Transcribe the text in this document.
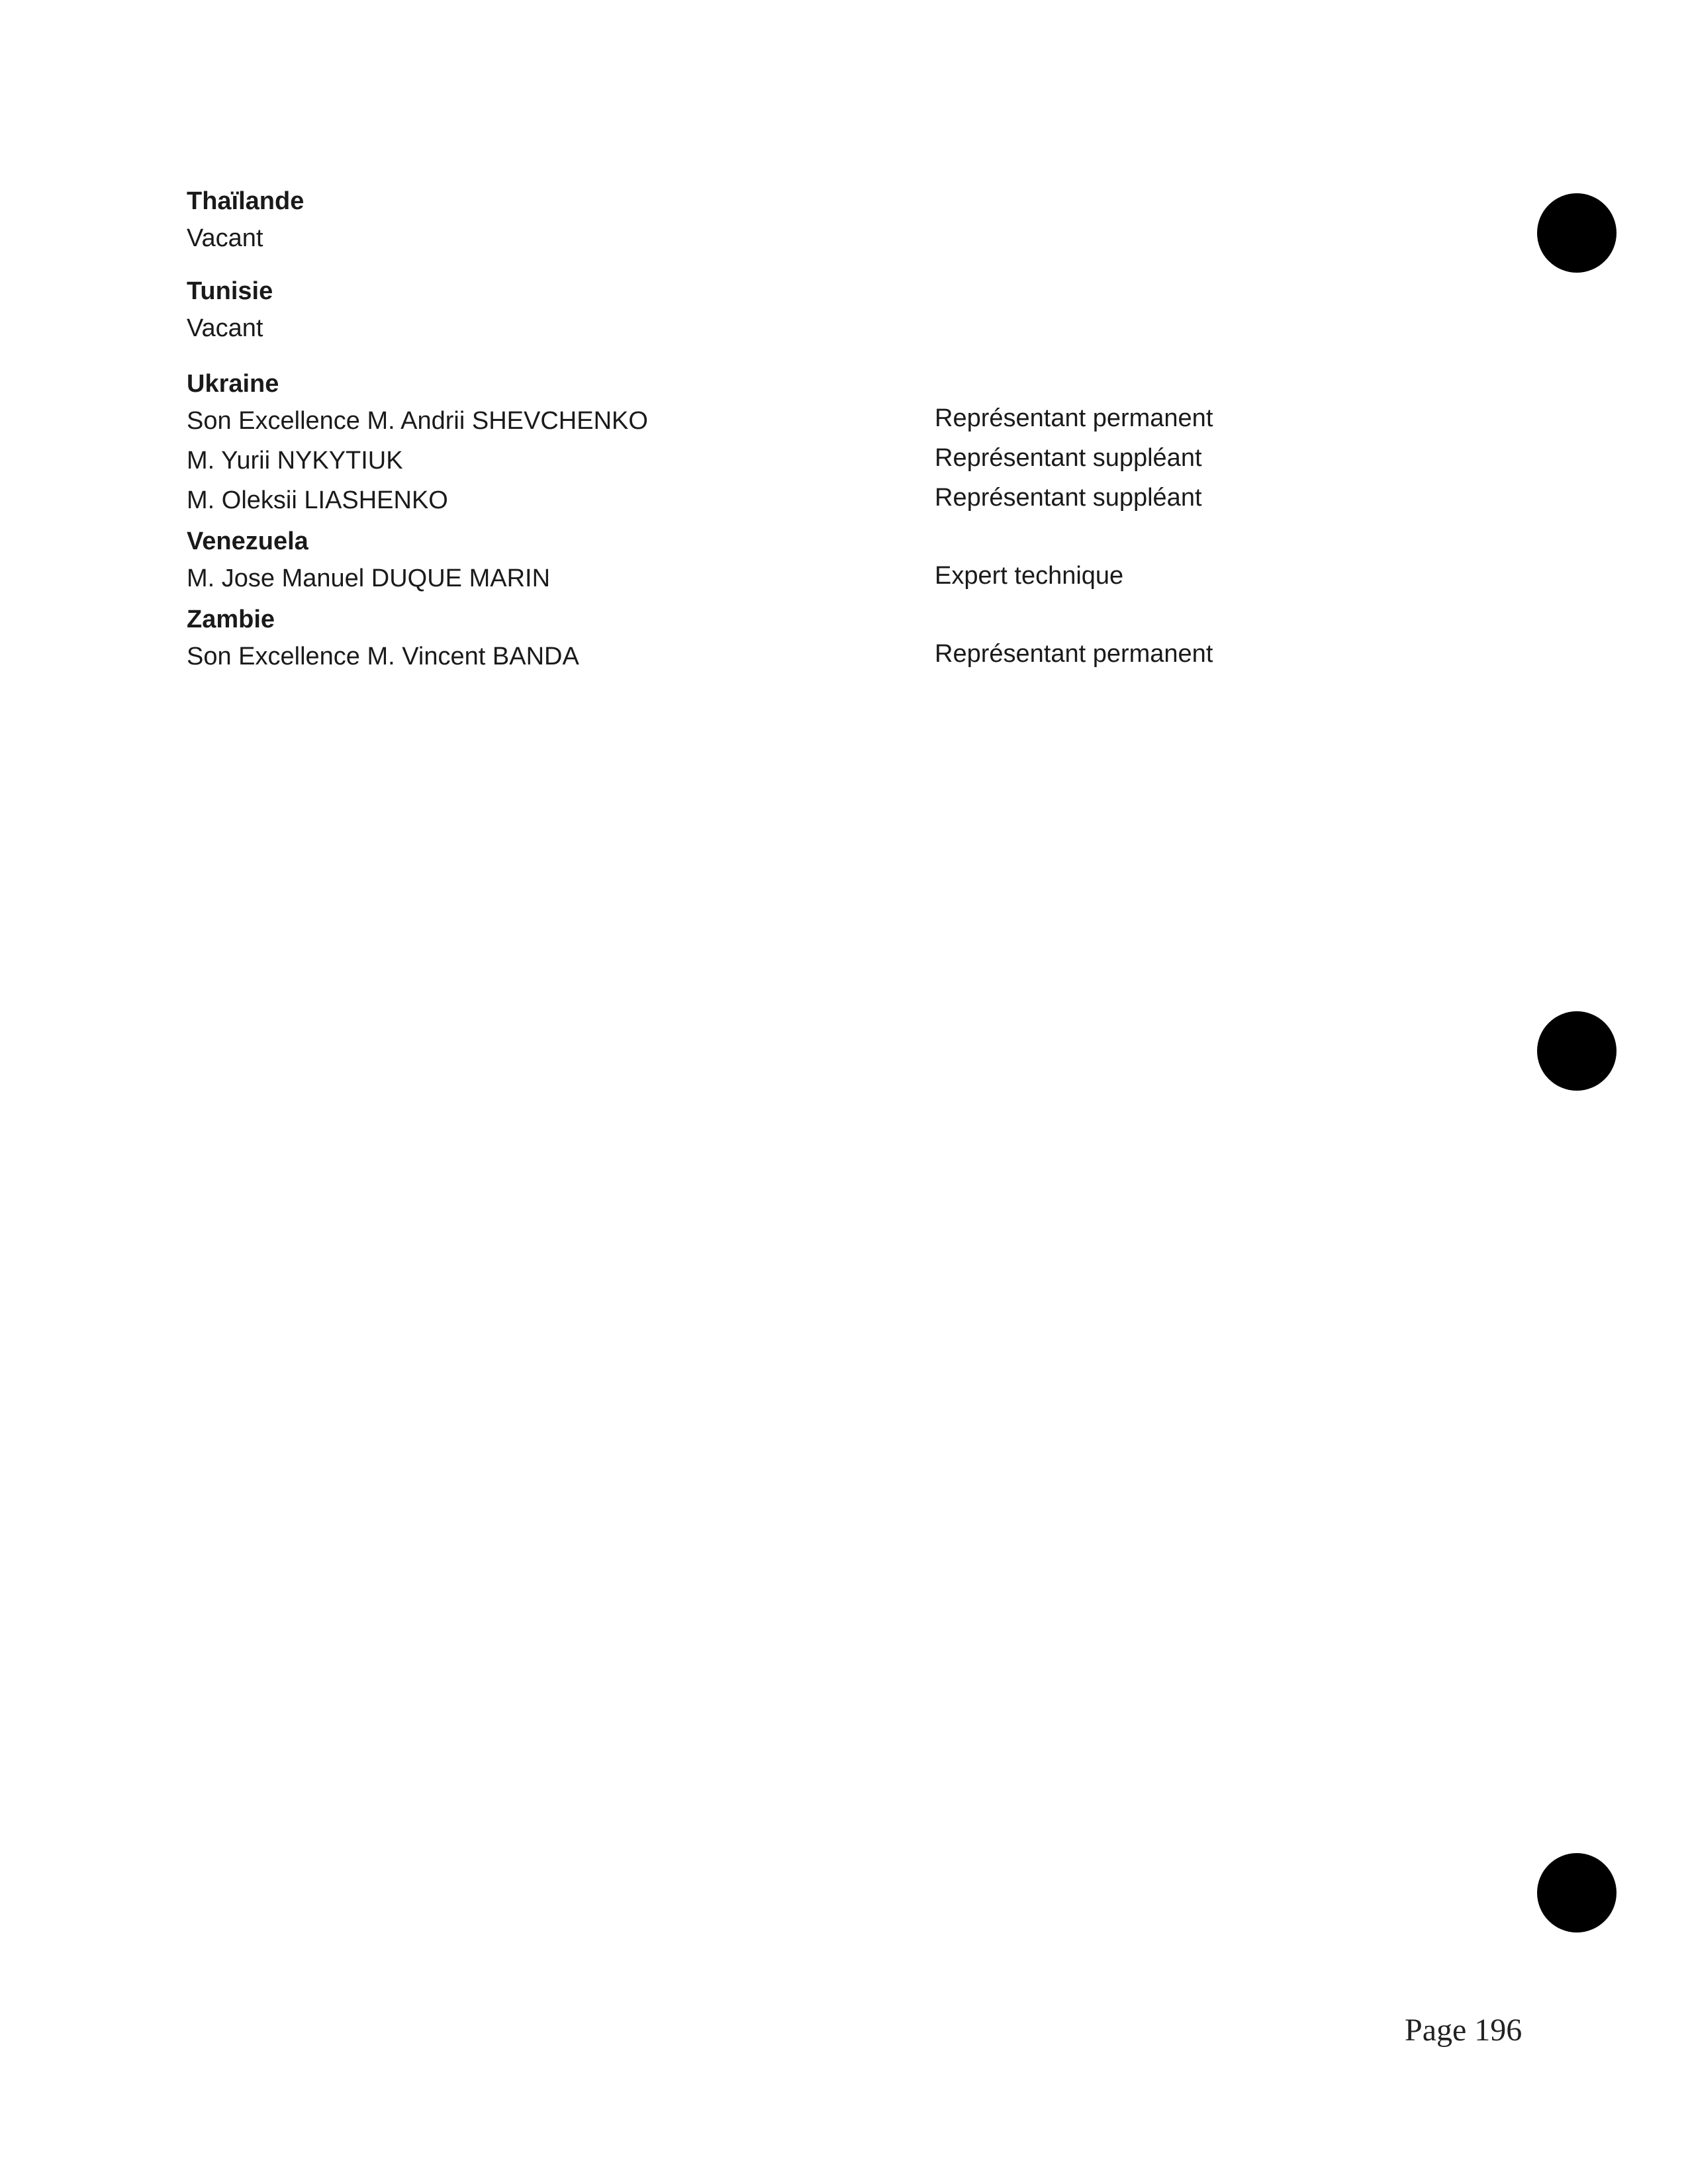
Thaïlande

Vacant

Tunisie

Vacant

Ukraine

Son Excellence M. Andrii SHEVCHENKO	Représentant permanent
M. Yurii NYKYTIUK	Représentant suppléant
M. Oleksii LIASHENKO	Représentant suppléant

Venezuela

M. Jose Manuel DUQUE MARIN	Expert technique

Zambie

Son Excellence M. Vincent BANDA	Représentant permanent
Page 196
